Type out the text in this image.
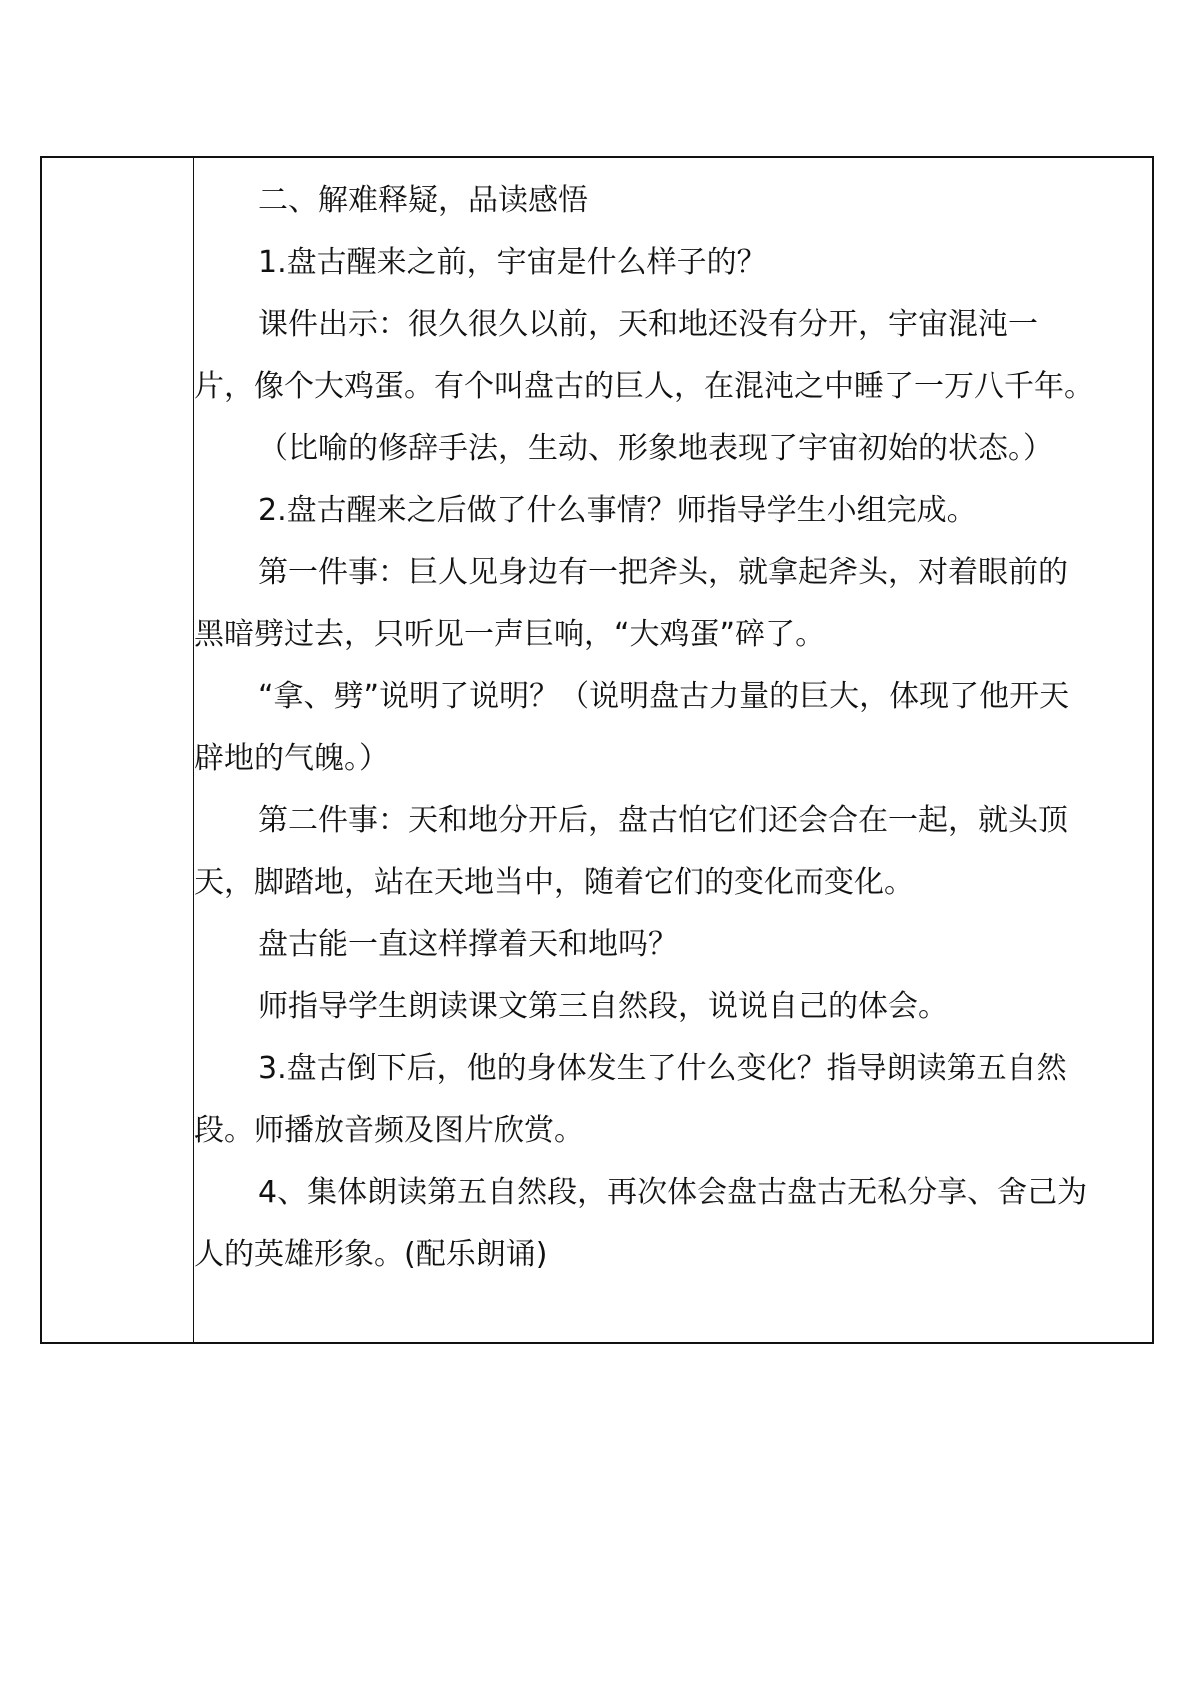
二、解难释疑，品读感悟

1.盘古醒来之前，宇宙是什么样子的？

课件出示：很久很久以前，天和地还没有分开，宇宙混沌一

片，像个大鸡蛋。有个叫盘古的巨人，在混沌之中睡了一万八千年。

（比喻的修辞手法，生动、形象地表现了宇宙初始的状态。）

2.盘古醒来之后做了什么事情？师指导学生小组完成。

第一件事：巨人见身边有一把斧头，就拿起斧头，对着眼前的

黑暗劈过去，只听见一声巨响，“大鸡蛋”碎了。

“拿、劈”说明了说明？（说明盘古力量的巨大，体现了他开天

辟地的气魄。）

第二件事：天和地分开后，盘古怕它们还会合在一起，就头顶

天，脚踏地，站在天地当中，随着它们的变化而变化。

盘古能一直这样撑着天和地吗？

师指导学生朗读课文第三自然段，说说自己的体会。

3.盘古倒下后，他的身体发生了什么变化？指导朗读第五自然

段。师播放音频及图片欣赏。

4、集体朗读第五自然段，再次体会盘古盘古无私分享、舍己为

人的英雄形象。(配乐朗诵)
